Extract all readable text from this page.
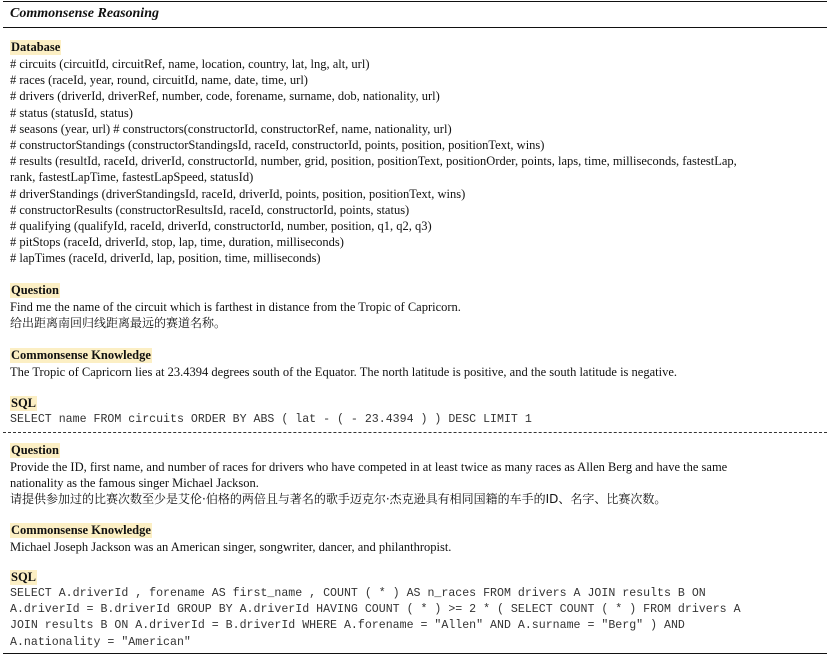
Commonsense Reasoning
Database
# circuits (circuitId, circuitRef, name, location, country, lat, lng, alt, url)
# races (raceId, year, round, circuitId, name, date, time, url)
# drivers (driverId, driverRef, number, code, forename, surname, dob, nationality, url)
# status (statusId, status)
# seasons (year, url) # constructors(constructorId, constructorRef, name, nationality, url)
# constructorStandings (constructorStandingsId, raceId, constructorId, points, position, positionText, wins)
# results (resultId, raceId, driverId, constructorId, number, grid, position, positionText, positionOrder, points, laps, time, milliseconds, fastestLap,
rank, fastestLapTime, fastestLapSpeed, statusId)
# driverStandings (driverStandingsId, raceId, driverId, points, position, positionText, wins)
# constructorResults (constructorResultsId, raceId, constructorId, points, status)
# qualifying (qualifyId, raceId, driverId, constructorId, number, position, q1, q2, q3)
# pitStops (raceId, driverId, stop, lap, time, duration, milliseconds)
# lapTimes (raceId, driverId, lap, position, time, milliseconds)
Question
Find me the name of the circuit which is farthest in distance from the Tropic of Capricorn.
给出距离南回归线距离最远的赛道名称。
Commonsense Knowledge
The Tropic of Capricorn lies at 23.4394 degrees south of the Equator. The north latitude is positive, and the south latitude is negative.
SQL
SELECT name FROM circuits ORDER BY ABS ( lat - ( - 23.4394 ) ) DESC LIMIT 1
Question
Provide the ID, first name, and number of races for drivers who have competed in at least twice as many races as Allen Berg and have the same
nationality as the famous singer Michael Jackson.
请提供参加过的比赛次数至少是艾伦·伯格的两倍且与著名的歌手迈克尔·杰克逊具有相同国籍的车手的ID、名字、比赛次数。
Commonsense Knowledge
Michael Joseph Jackson was an American singer, songwriter, dancer, and philanthropist.
SQL
SELECT A.driverId , forename AS first_name , COUNT ( * ) AS n_races FROM drivers A JOIN results B ON
A.driverId = B.driverId GROUP BY A.driverId HAVING COUNT ( * ) >= 2 * ( SELECT COUNT ( * ) FROM drivers A
JOIN results B ON A.driverId = B.driverId WHERE A.forename = "Allen" AND A.surname = "Berg" ) AND
A.nationality = "American"
